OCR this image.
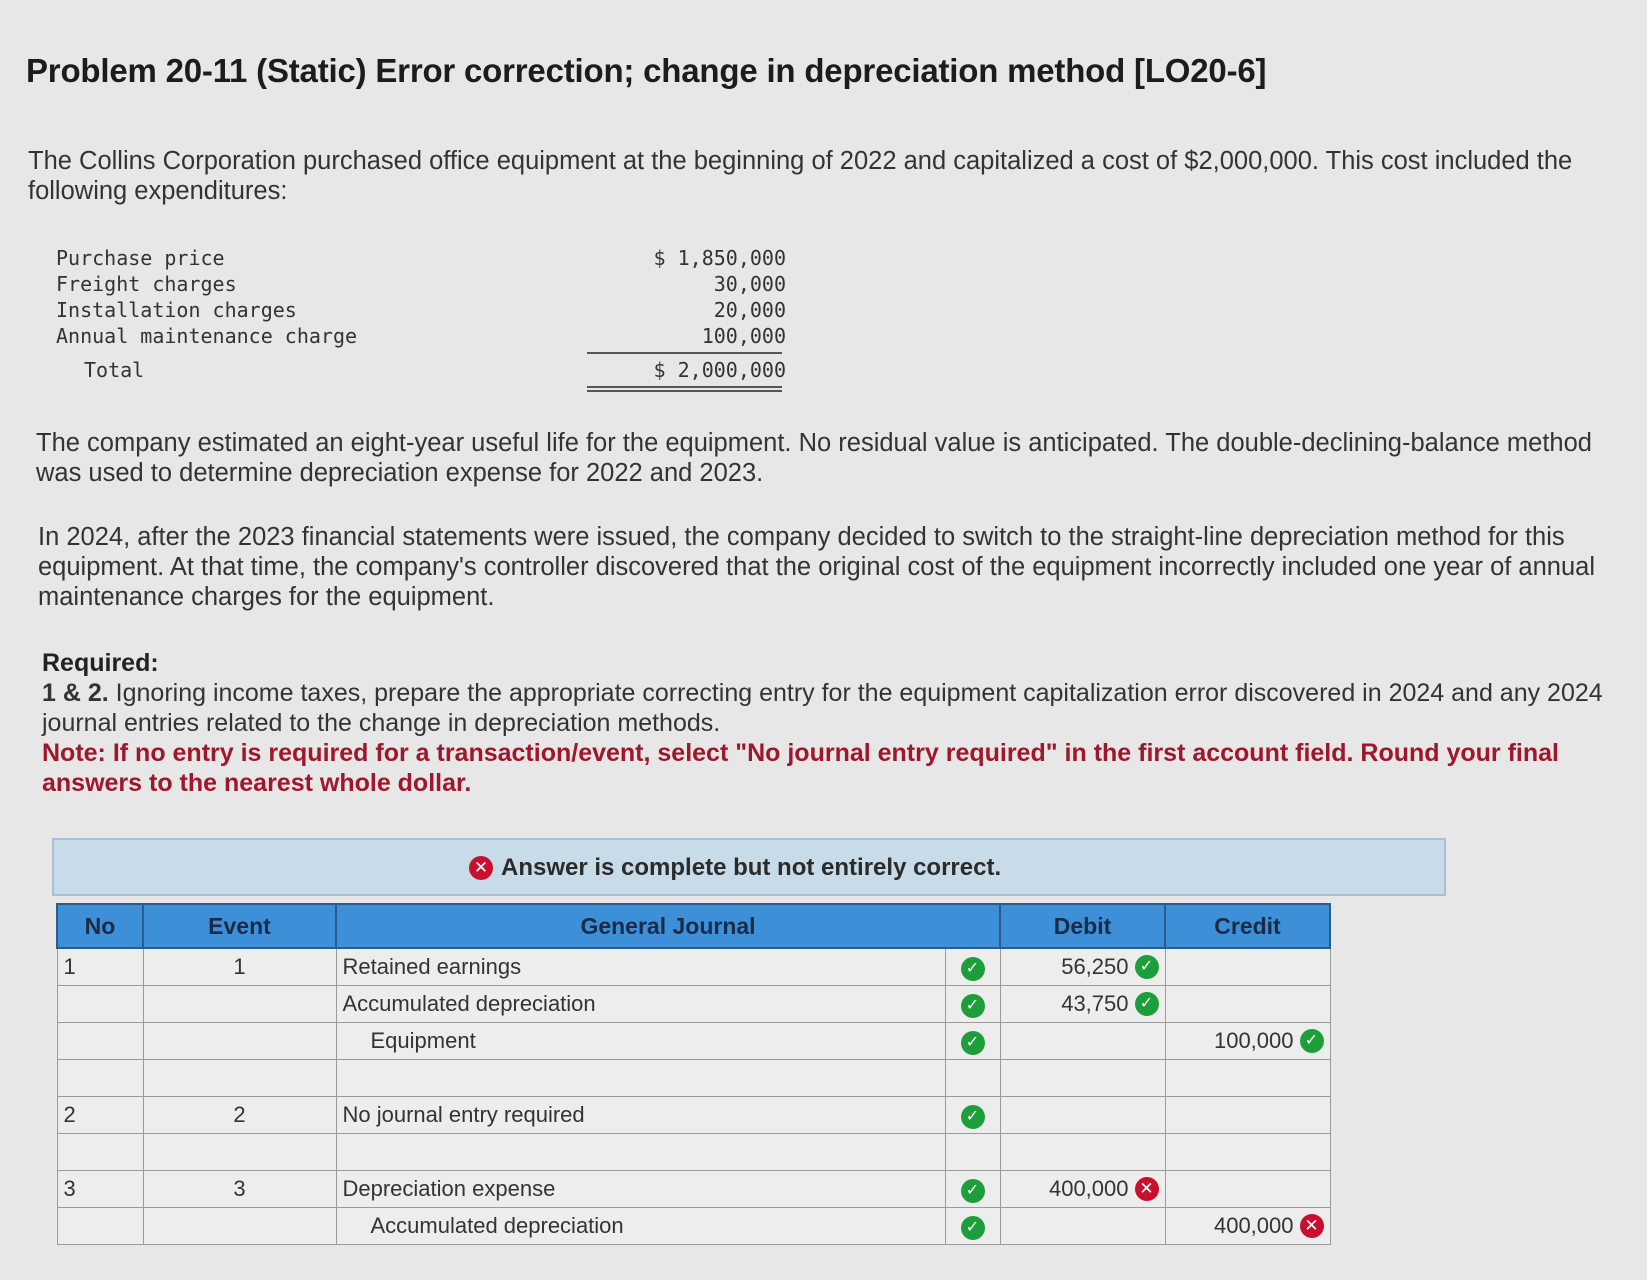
Problem 20-11 (Static) Error correction; change in depreciation method [LO20-6]
The Collins Corporation purchased office equipment at the beginning of 2022 and capitalized a cost of $2,000,000. This cost included the following expenditures:
Purchase price	$ 1,850,000
Freight charges	30,000
Installation charges	20,000
Annual maintenance charge	100,000
Total	$ 2,000,000
The company estimated an eight-year useful life for the equipment. No residual value is anticipated. The double-declining-balance method was used to determine depreciation expense for 2022 and 2023.
In 2024, after the 2023 financial statements were issued, the company decided to switch to the straight-line depreciation method for this equipment. At that time, the company's controller discovered that the original cost of the equipment incorrectly included one year of annual maintenance charges for the equipment.
Required:
1 & 2. Ignoring income taxes, prepare the appropriate correcting entry for the equipment capitalization error discovered in 2024 and any 2024 journal entries related to the change in depreciation methods.
Note: If no entry is required for a transaction/event, select "No journal entry required" in the first account field. Round your final answers to the nearest whole dollar.
✕ Answer is complete but not entirely correct.
No	Event	General Journal		Debit	Credit
1	1	Retained earnings	✓	56,250 ✓	

		Accumulated depreciation	✓	43,750 ✓	

		Equipment	✓		100,000 ✓

2	2	No journal entry required	✓	

3	3	Depreciation expense	✓	400,000 ✕	

		Accumulated depreciation	✓		400,000 ✕
